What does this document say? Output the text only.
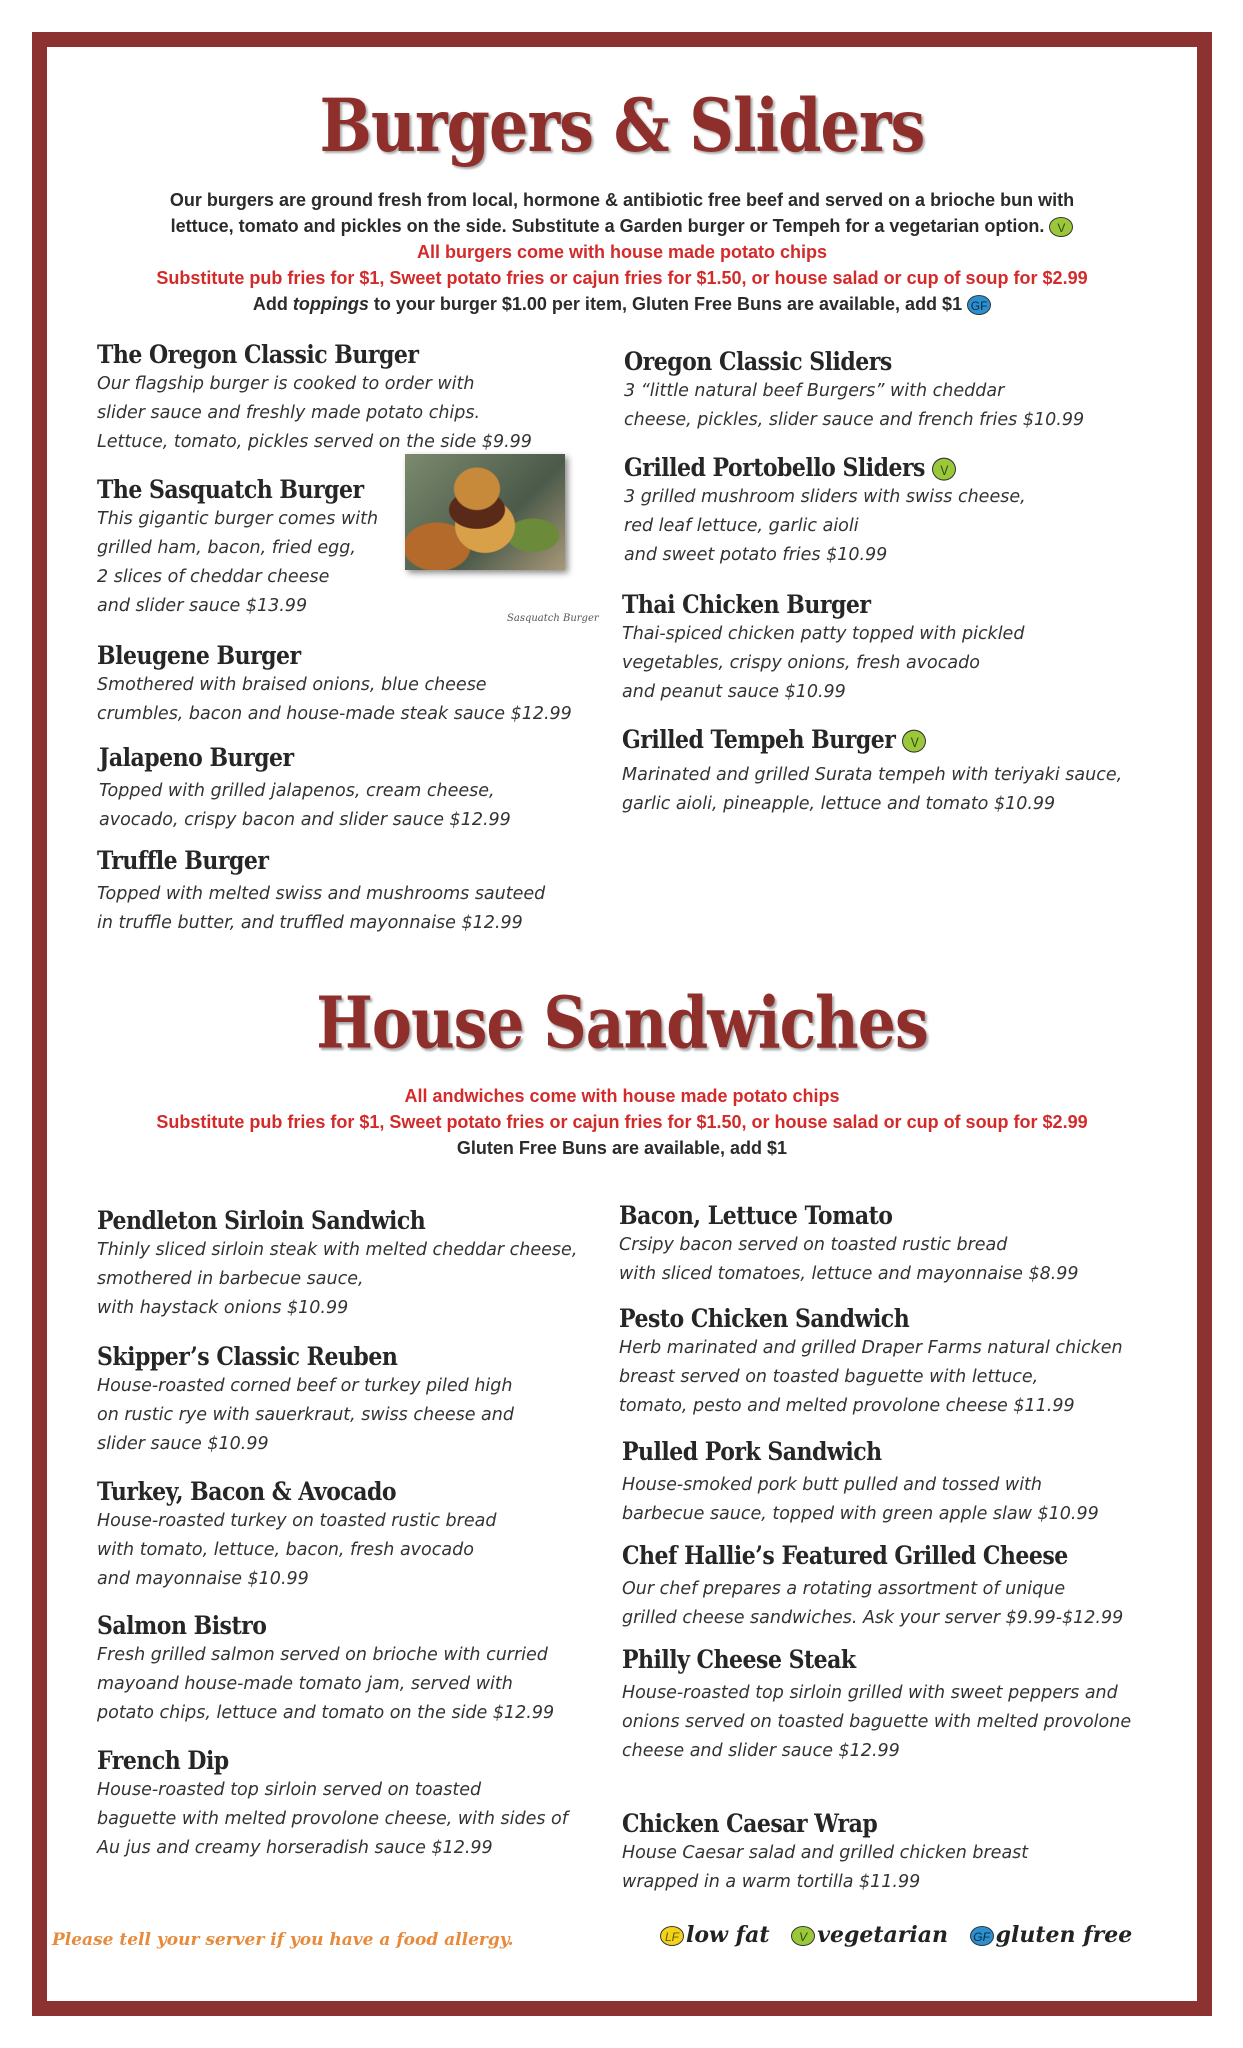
Burgers & Sliders
Our burgers are ground fresh from local, hormone & antibiotic free beef and served on a brioche bun with
lettuce, tomato and pickles on the side. Substitute a Garden burger or Tempeh for a vegetarian option. V
All burgers come with house made potato chips
Substitute pub fries for $1, Sweet potato fries or cajun fries for $1.50, or house salad or cup of soup for $2.99
Add toppings to your burger $1.00 per item, Gluten Free Buns are available, add $1 GF
The Oregon Classic Burger
Our flagship burger is cooked to order with
slider sauce and freshly made potato chips.
Lettuce, tomato, pickles served on the side $9.99
The Sasquatch Burger
This gigantic burger comes with
grilled ham, bacon, fried egg,
2 slices of cheddar cheese
and slider sauce $13.99
Sasquatch Burger
Bleugene Burger
Smothered with braised onions, blue cheese
crumbles, bacon and house-made steak sauce $12.99
Jalapeno Burger
Topped with grilled jalapenos, cream cheese,
avocado, crispy bacon and slider sauce $12.99
Truffle Burger
Topped with melted swiss and mushrooms sauteed
in truffle butter, and truffled mayonnaise $12.99
Oregon Classic Sliders
3 “little natural beef Burgers” with cheddar
cheese, pickles, slider sauce and french fries $10.99
Grilled Portobello Sliders V
3 grilled mushroom sliders with swiss cheese,
red leaf lettuce, garlic aioli
and sweet potato fries $10.99
Thai Chicken Burger
Thai-spiced chicken patty topped with pickled
vegetables, crispy onions, fresh avocado
and peanut sauce $10.99
Grilled Tempeh Burger V
Marinated and grilled Surata tempeh with teriyaki sauce,
garlic aioli, pineapple, lettuce and tomato $10.99
House Sandwiches
All andwiches come with house made potato chips
Substitute pub fries for $1, Sweet potato fries or cajun fries for $1.50, or house salad or cup of soup for $2.99
Gluten Free Buns are available, add $1
Pendleton Sirloin Sandwich
Thinly sliced sirloin steak with melted cheddar cheese,
smothered in barbecue sauce,
with haystack onions $10.99
Skipper’s Classic Reuben
House-roasted corned beef or turkey piled high
on rustic rye with sauerkraut, swiss cheese and
slider sauce $10.99
Turkey, Bacon & Avocado
House-roasted turkey on toasted rustic bread
with tomato, lettuce, bacon, fresh avocado
and mayonnaise $10.99
Salmon Bistro
Fresh grilled salmon served on brioche with curried
mayoand house-made tomato jam, served with
potato chips, lettuce and tomato on the side $12.99
French Dip
House-roasted top sirloin served on toasted
baguette with melted provolone cheese, with sides of
Au jus and creamy horseradish sauce $12.99
Bacon, Lettuce Tomato
Crsipy bacon served on toasted rustic bread
with sliced tomatoes, lettuce and mayonnaise $8.99
Pesto Chicken Sandwich
Herb marinated and grilled Draper Farms natural chicken
breast served on toasted baguette with lettuce,
tomato, pesto and melted provolone cheese $11.99
Pulled Pork Sandwich
House-smoked pork butt pulled and tossed with
barbecue sauce, topped with green apple slaw $10.99
Chef Hallie’s Featured Grilled Cheese
Our chef prepares a rotating assortment of unique
grilled cheese sandwiches. Ask your server $9.99-$12.99
Philly Cheese Steak
House-roasted top sirloin grilled with sweet peppers and
onions served on toasted baguette with melted provolone
cheese and slider sauce $12.99
Chicken Caesar Wrap
House Caesar salad and grilled chicken breast
wrapped in a warm tortilla $11.99
Please tell your server if you have a food allergy.	LF low fat V vegetarian GF gluten free
